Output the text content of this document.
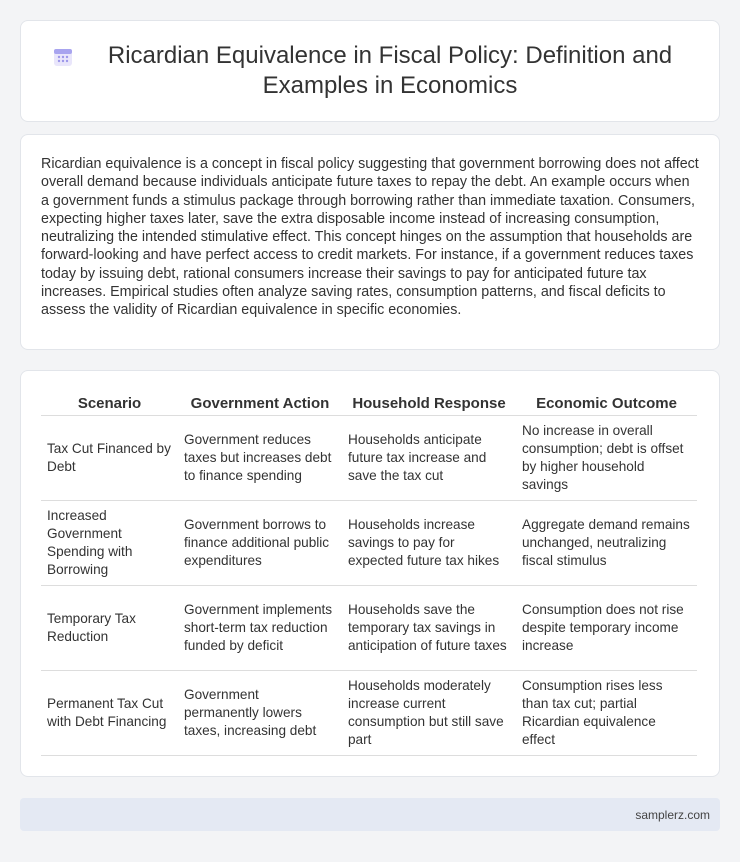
Ricardian Equivalence in Fiscal Policy: Definition and Examples in Economics

Ricardian equivalence is a concept in fiscal policy suggesting that government borrowing does not affect overall demand because individuals anticipate future taxes to repay the debt. An example occurs when a government funds a stimulus package through borrowing rather than immediate taxation. Consumers, expecting higher taxes later, save the extra disposable income instead of increasing consumption, neutralizing the intended stimulative effect. This concept hinges on the assumption that households are forward-looking and have perfect access to credit markets. For instance, if a government reduces taxes today by issuing debt, rational consumers increase their savings to pay for anticipated future tax increases. Empirical studies often analyze saving rates, consumption patterns, and fiscal deficits to assess the validity of Ricardian equivalence in specific economies.

Scenario	Government Action	Household Response	Economic Outcome
Tax Cut Financed by Debt	Government reduces taxes but increases debt to finance spending	Households anticipate future tax increase and save the tax cut	No increase in overall consumption; debt is offset by higher household savings
Increased Government Spending with Borrowing	Government borrows to finance additional public expenditures	Households increase savings to pay for expected future tax hikes	Aggregate demand remains unchanged, neutralizing fiscal stimulus
Temporary Tax Reduction	Government implements short-term tax reduction funded by deficit	Households save the temporary tax savings in anticipation of future taxes	Consumption does not rise despite temporary income increase
Permanent Tax Cut with Debt Financing	Government permanently lowers taxes, increasing debt	Households moderately increase current consumption but still save part	Consumption rises less than tax cut; partial Ricardian equivalence effect
samplerz.com
